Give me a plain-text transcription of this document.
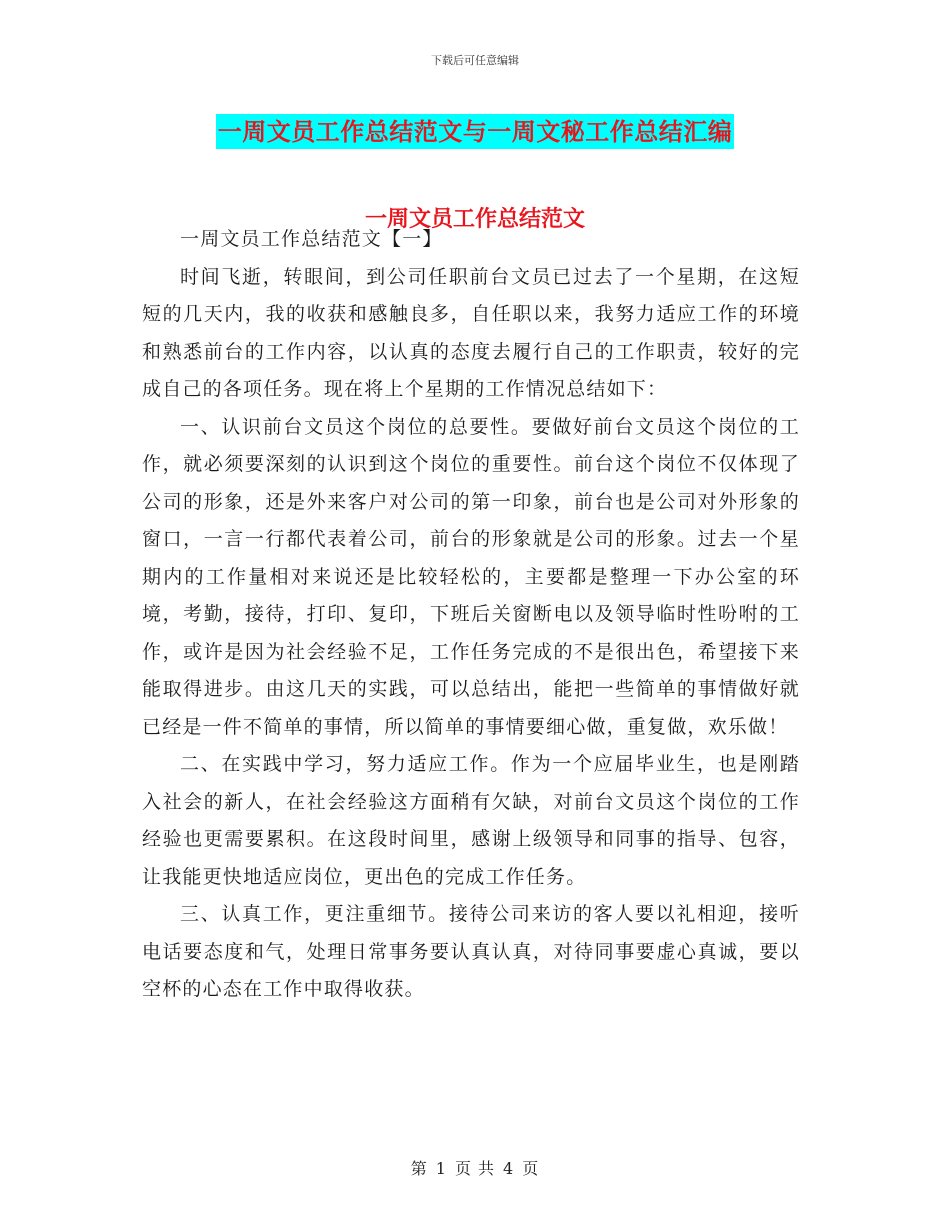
下载后可任意编辑
一周文员工作总结范文与一周文秘工作总结汇编
一周文员工作总结范文

一周文员工作总结范文【一】

时间飞逝，转眼间，到公司任职前台文员已过去了一个星期，在这短短的几天内，我的收获和感触良多，自任职以来，我努力适应工作的环境和熟悉前台的工作内容，以认真的态度去履行自己的工作职责，较好的完成自己的各项任务。现在将上个星期的工作情况总结如下：

一、认识前台文员这个岗位的总要性。要做好前台文员这个岗位的工作，就必须要深刻的认识到这个岗位的重要性。前台这个岗位不仅体现了公司的形象，还是外来客户对公司的第一印象，前台也是公司对外形象的窗口，一言一行都代表着公司，前台的形象就是公司的形象。过去一个星期内的工作量相对来说还是比较轻松的，主要都是整理一下办公室的环境，考勤，接待，打印、复印，下班后关窗断电以及领导临时性吩咐的工作，或许是因为社会经验不足，工作任务完成的不是很出色，希望接下来能取得进步。由这几天的实践，可以总结出，能把一些简单的事情做好就已经是一件不简单的事情，所以简单的事情要细心做，重复做，欢乐做！

二、在实践中学习，努力适应工作。作为一个应届毕业生，也是刚踏入社会的新人，在社会经验这方面稍有欠缺，对前台文员这个岗位的工作经验也更需要累积。在这段时间里，感谢上级领导和同事的指导、包容，让我能更快地适应岗位，更出色的完成工作任务。

三、认真工作，更注重细节。接待公司来访的客人要以礼相迎，接听电话要态度和气，处理日常事务要认真认真，对待同事要虚心真诚，要以空杯的心态在工作中取得收获。

第 1 页 共 4 页
